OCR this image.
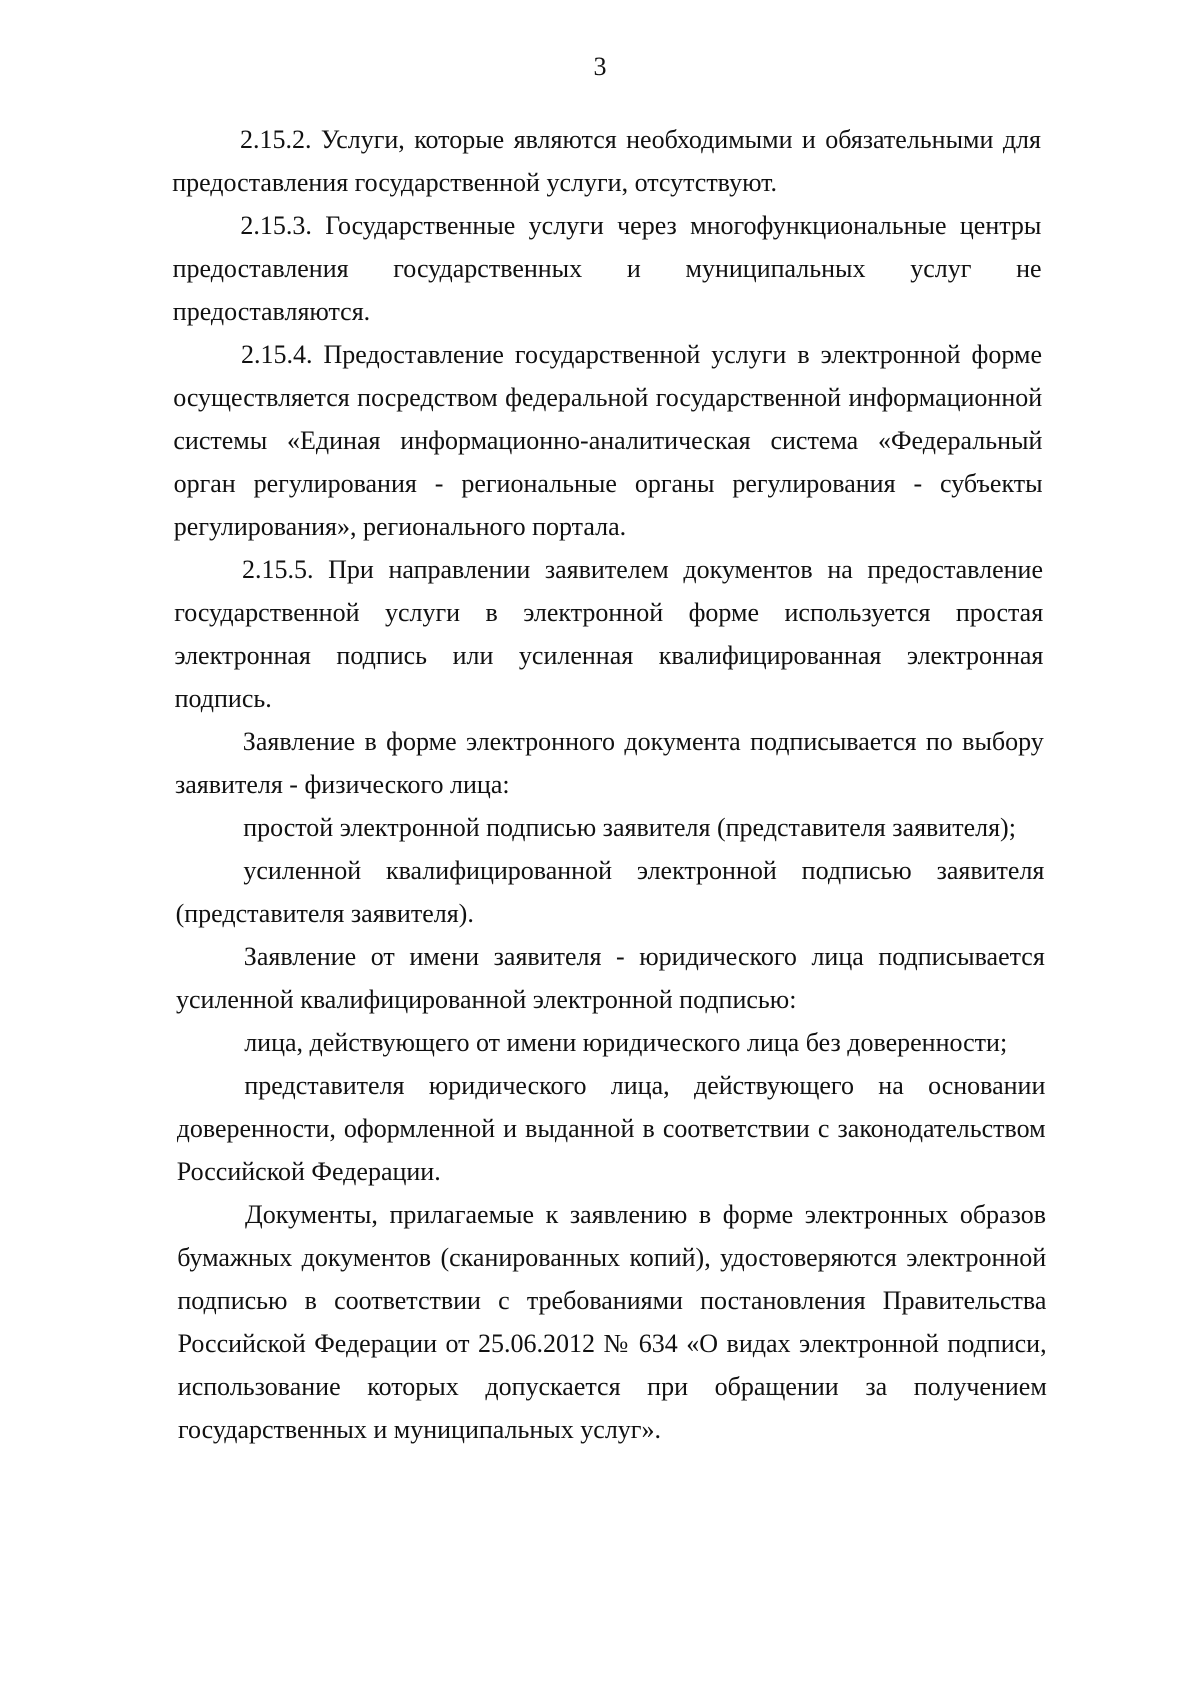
3
2.15.2. Услуги, которые являются необходимыми и обязательными для
предоставления государственной услуги, отсутствуют.
2.15.3. Государственные услуги через многофункциональные центры
предоставления государственных и муниципальных услуг не
предоставляются.
2.15.4. Предоставление государственной услуги в электронной форме
осуществляется посредством федеральной государственной информационной
системы «Единая информационно-аналитическая система «Федеральный
орган регулирования - региональные органы регулирования - субъекты
регулирования», регионального портала.
2.15.5. При направлении заявителем документов на предоставление
государственной услуги в электронной форме используется простая
электронная подпись или усиленная квалифицированная электронная
подпись.
Заявление в форме электронного документа подписывается по выбору
заявителя - физического лица:
простой электронной подписью заявителя (представителя заявителя);
усиленной квалифицированной электронной подписью заявителя
(представителя заявителя).
Заявление от имени заявителя - юридического лица подписывается
усиленной квалифицированной электронной подписью:
лица, действующего от имени юридического лица без доверенности;
представителя юридического лица, действующего на основании
доверенности, оформленной и выданной в соответствии с законодательством
Российской Федерации.
Документы, прилагаемые к заявлению в форме электронных образов
бумажных документов (сканированных копий), удостоверяются электронной
подписью в соответствии с требованиями постановления Правительства
Российской Федерации от 25.06.2012 № 634 «О видах электронной подписи,
использование которых допускается при обращении за получением
государственных и муниципальных услуг».
